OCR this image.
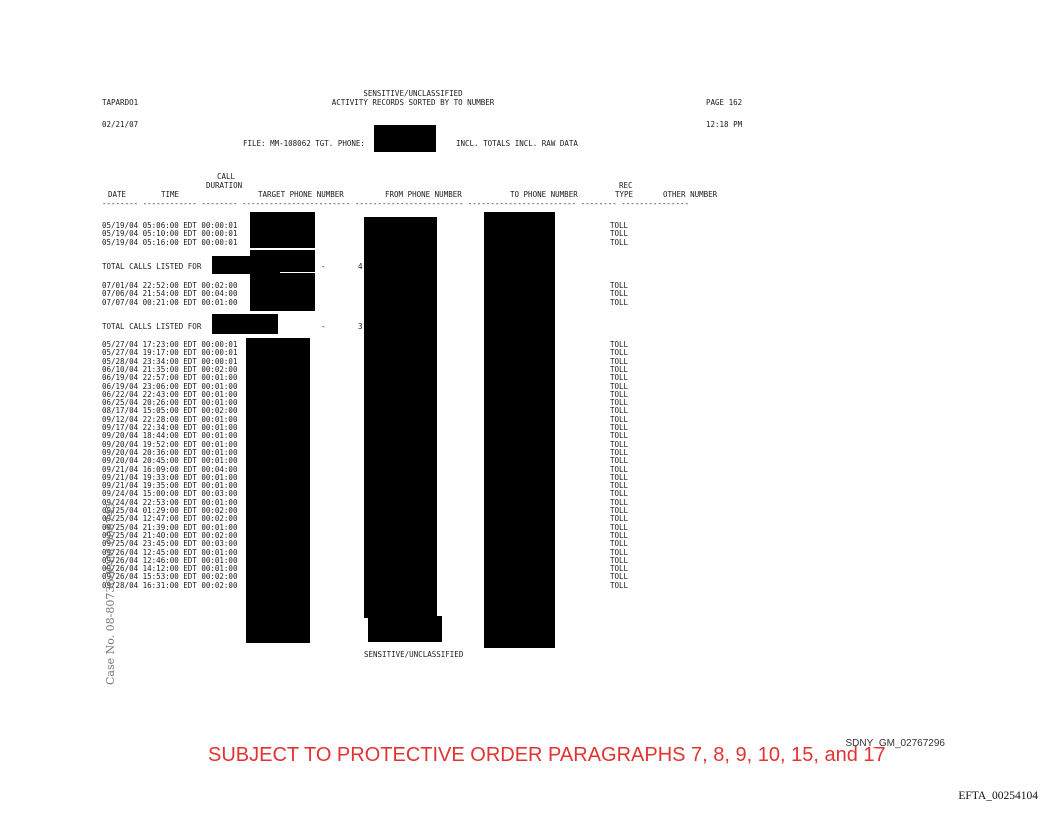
TAPARDO1
SENSITIVE/UNCLASSIFIED
ACTIVITY RECORDS SORTED BY TO NUMBER	PAGE 162
02/21/07	12:18 PM
FILE: MM-108062 TGT. PHONE:	INCL. TOTALS INCL. RAW DATA
CALL
DURATION	REC
DATE	TIME	TARGET PHONE NUMBER	FROM PHONE NUMBER	TO PHONE NUMBER	TYPE	OTHER NUMBER
-------- ------------ -------- ------------------------ ------------------------ ------------------------ -------- ---------------
05/19/04 05:06:00 EDT 00:00:01	TOLL
05/19/04 05:10:00 EDT 00:00:01	TOLL
05/19/04 05:16:00 EDT 00:00:01	TOLL
TOTAL CALLS LISTED FOR	-	4
07/01/04 22:52:00 EDT 00:02:00	TOLL
07/06/04 21:54:00 EDT 00:04:00	TOLL
07/07/04 00:21:00 EDT 00:01:00	TOLL
TOTAL CALLS LISTED FOR	-	3
05/27/04 17:23:00 EDT 00:00:01	TOLL
05/27/04 19:17:00 EDT 00:00:01	TOLL
05/28/04 23:34:00 EDT 00:00:01	TOLL
06/10/04 21:35:00 EDT 00:02:00	TOLL
06/19/04 22:57:00 EDT 00:01:00	TOLL
06/19/04 23:06:00 EDT 00:01:00	TOLL
06/22/04 22:43:00 EDT 00:01:00	TOLL
06/25/04 20:26:00 EDT 00:01:00	TOLL
08/17/04 15:05:00 EDT 00:02:00	TOLL
09/12/04 22:28:00 EDT 00:01:00	TOLL
09/17/04 22:34:00 EDT 00:01:00	TOLL
09/20/04 18:44:00 EDT 00:01:00	TOLL
09/20/04 19:52:00 EDT 00:01:00	TOLL
09/20/04 20:36:00 EDT 00:01:00	TOLL
09/20/04 20:45:00 EDT 00:01:00	TOLL
09/21/04 16:09:00 EDT 00:04:00	TOLL
09/21/04 19:33:00 EDT 00:01:00	TOLL
09/21/04 19:35:00 EDT 00:01:00	TOLL
09/24/04 15:00:00 EDT 00:03:00	TOLL
09/24/04 22:53:00 EDT 00:01:00	TOLL
09/25/04 01:29:00 EDT 00:02:00	TOLL
09/25/04 12:47:00 EDT 00:02:00	TOLL
09/25/04 21:39:00 EDT 00:01:00	TOLL
09/25/04 21:40:00 EDT 00:02:00	TOLL
09/25/04 23:45:00 EDT 00:03:00	TOLL
09/26/04 12:45:00 EDT 00:01:00	TOLL
09/26/04 12:46:00 EDT 00:01:00	TOLL
09/26/04 14:12:00 EDT 00:01:00	TOLL
09/26/04 15:53:00 EDT 00:02:00	TOLL
09/28/04 16:31:00 EDT 00:02:00	TOLL
SENSITIVE/UNCLASSIFIED
Case No. 08-80736-KAM 006745
SDNY_GM_02767296
SUBJECT TO PROTECTIVE ORDER PARAGRAPHS 7, 8, 9, 10, 15, and 17
EFTA_00254104
